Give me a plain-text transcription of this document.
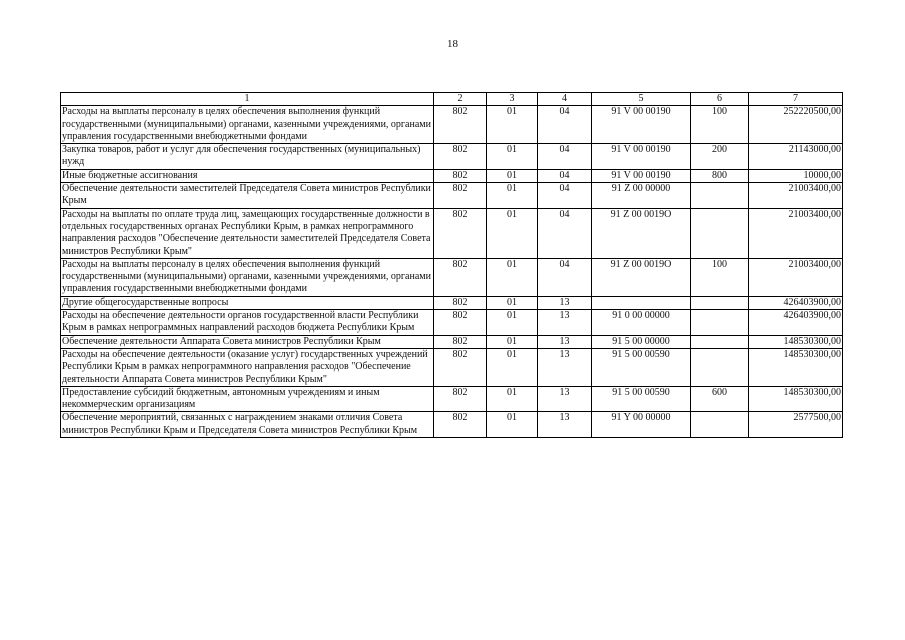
18
1	2	3	4	5	6	7
Расходы на выплаты персоналу в целях обеспечения выполнения функций государственными (муниципальными) органами, казенными учреждениями, органами управления государственными внебюджетными фондами	802	01	04	91 V 00 00190	100	252220500,00
Закупка товаров, работ и услуг для обеспечения государственных (муниципальных) нужд	802	01	04	91 V 00 00190	200	21143000,00
Иные бюджетные ассигнования	802	01	04	91 V 00 00190	800	10000,00
Обеспечение деятельности заместителей Председателя Совета министров Республики Крым	802	01	04	91 Z 00 00000		21003400,00
Расходы на выплаты по оплате труда лиц, замещающих государственные должности в отдельных государственных органах Республики Крым, в рамках непрограммного направления расходов "Обеспечение деятельности заместителей Председателя Совета министров Республики Крым"	802	01	04	91 Z 00 0019O		21003400,00
Расходы на выплаты персоналу в целях обеспечения выполнения функций государственными (муниципальными) органами, казенными учреждениями, органами управления государственными внебюджетными фондами	802	01	04	91 Z 00 0019O	100	21003400,00
Другие общегосударственные вопросы	802	01	13			426403900,00
Расходы на обеспечение деятельности органов государственной власти Республики Крым в рамках непрограммных направлений расходов бюджета Республики Крым	802	01	13	91 0 00 00000		426403900,00
Обеспечение деятельности Аппарата Совета министров Республики Крым	802	01	13	91 5 00 00000		148530300,00
Расходы на обеспечение деятельности (оказание услуг) государственных учреждений Республики Крым в рамках непрограммного направления расходов "Обеспечение деятельности Аппарата Совета министров Республики Крым"	802	01	13	91 5 00 00590		148530300,00
Предоставление субсидий бюджетным, автономным учреждениям и иным некоммерческим организациям	802	01	13	91 5 00 00590	600	148530300,00
Обеспечение мероприятий, связанных с награждением знаками отличия Совета министров Республики Крым и Председателя Совета министров Республики Крым	802	01	13	91 Y 00 00000		2577500,00
